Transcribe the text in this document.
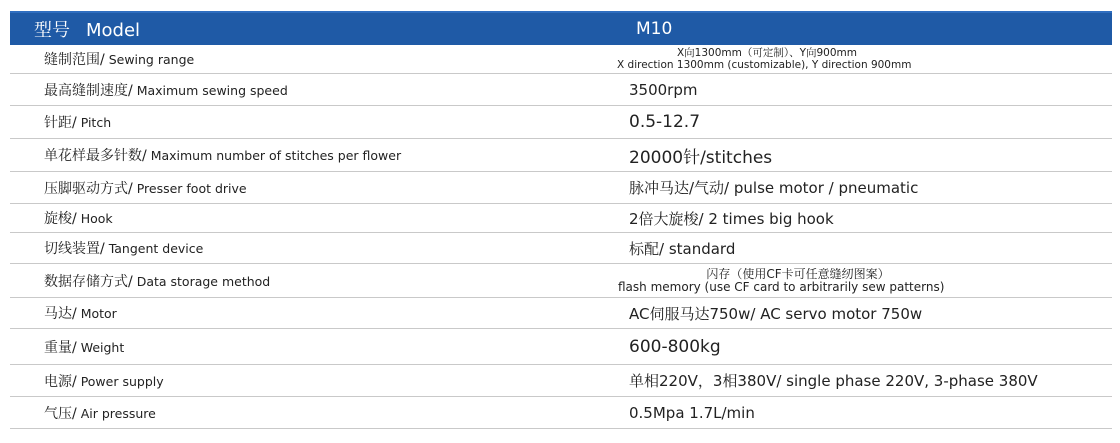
型号 Model	M10
缝制范围/ Sewing range	X向1300mm（可定制）、Y向900mm
X direction 1300mm (customizable), Y direction 900mm
最高缝制速度/ Maximum sewing speed	3500rpm
针距/ Pitch	0.5-12.7
单花样最多针数/ Maximum number of stitches per flower	20000针/stitches
压脚驱动方式/ Presser foot drive	脉冲马达/气动/ pulse motor / pneumatic
旋梭/ Hook	2倍大旋梭/ 2 times big hook
切线装置/ Tangent device	标配/ standard
数据存储方式/ Data storage method	闪存（使用CF卡可任意缝纫图案）
flash memory (use CF card to arbitrarily sew patterns)
马达/ Motor	AC伺服马达750w/ AC servo motor 750w
重量/ Weight	600-800kg
电源/ Power supply	单相220V，3相380V/ single phase 220V, 3-phase 380V
气压/ Air pressure	0.5Mpa 1.7L/min
